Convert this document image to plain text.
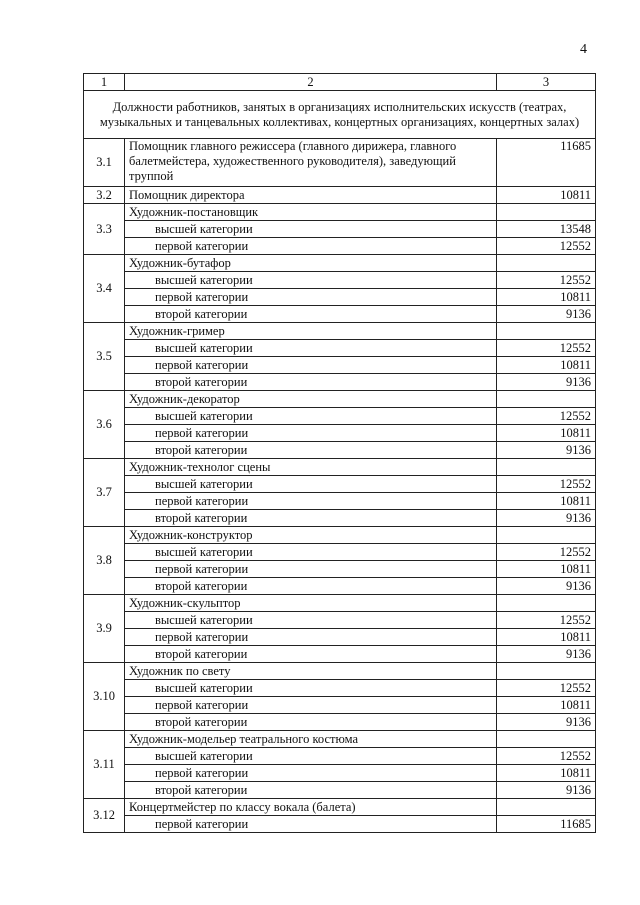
4
1	2	3
Должности работников, занятых в организациях исполнительских искусств (театрах, музыкальных и танцевальных коллективах, концертных организациях, концертных залах)		
3.1	Помощник главного режиссера (главного дирижера, главного балетмейстера, художественного руководителя), заведующий труппой	11685
3.2	Помощник директора	10811
3.3	Художник-постановщик	

	высшей категории	13548

	первой категории	12552
3.4	Художник-бутафор	

	высшей категории	12552

	первой категории	10811

	второй категории	9136
3.5	Художник-гример	

	высшей категории	12552

	первой категории	10811

	второй категории	9136
3.6	Художник-декоратор	

	высшей категории	12552

	первой категории	10811

	второй категории	9136
3.7	Художник-технолог сцены	

	высшей категории	12552

	первой категории	10811

	второй категории	9136
3.8	Художник-конструктор	

	высшей категории	12552

	первой категории	10811

	второй категории	9136
3.9	Художник-скульптор	

	высшей категории	12552

	первой категории	10811

	второй категории	9136
3.10	Художник по свету	

	высшей категории	12552

	первой категории	10811

	второй категории	9136
3.11	Художник-модельер театрального костюма	

	высшей категории	12552

	первой категории	10811

	второй категории	9136
3.12	Концертмейстер по классу вокала (балета)	

	первой категории	11685
